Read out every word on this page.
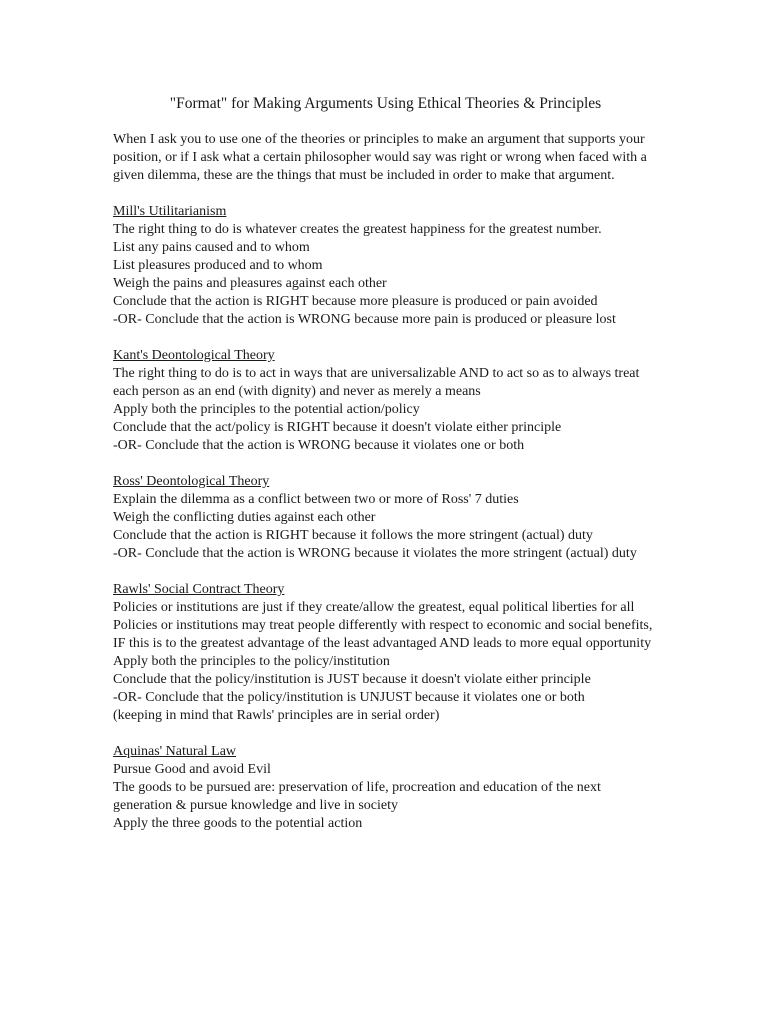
"Format" for Making Arguments Using Ethical Theories & Principles

When I ask you to use one of the theories or principles to make an argument that supports your position, or if I ask what a certain philosopher would say was right or wrong when faced with a given dilemma, these are the things that must be included in order to make that argument.

Mill's Utilitarianism

The right thing to do is whatever creates the greatest happiness for the greatest number.

List any pains caused and to whom

List pleasures produced and to whom

Weigh the pains and pleasures against each other

Conclude that the action is RIGHT because more pleasure is produced or pain avoided

-OR- Conclude that the action is WRONG because more pain is produced or pleasure lost

Kant's Deontological Theory

The right thing to do is to act in ways that are universalizable AND to act so as to always treat each person as an end (with dignity) and never as merely a means

Apply both the principles to the potential action/policy

Conclude that the act/policy is RIGHT because it doesn't violate either principle

-OR- Conclude that the action is WRONG because it violates one or both

Ross' Deontological Theory

Explain the dilemma as a conflict between two or more of Ross' 7 duties

Weigh the conflicting duties against each other

Conclude that the action is RIGHT because it follows the more stringent (actual) duty

-OR- Conclude that the action is WRONG because it violates the more stringent (actual) duty

Rawls' Social Contract Theory

Policies or institutions are just if they create/allow the greatest, equal political liberties for all

Policies or institutions may treat people differently with respect to economic and social benefits, IF this is to the greatest advantage of the least advantaged AND leads to more equal opportunity

Apply both the principles to the policy/institution

Conclude that the policy/institution is JUST because it doesn't violate either principle

-OR- Conclude that the policy/institution is UNJUST because it violates one or both

(keeping in mind that Rawls' principles are in serial order)

Aquinas' Natural Law

Pursue Good and avoid Evil

The goods to be pursued are: preservation of life, procreation and education of the next generation & pursue knowledge and live in society

Apply the three goods to the potential action
